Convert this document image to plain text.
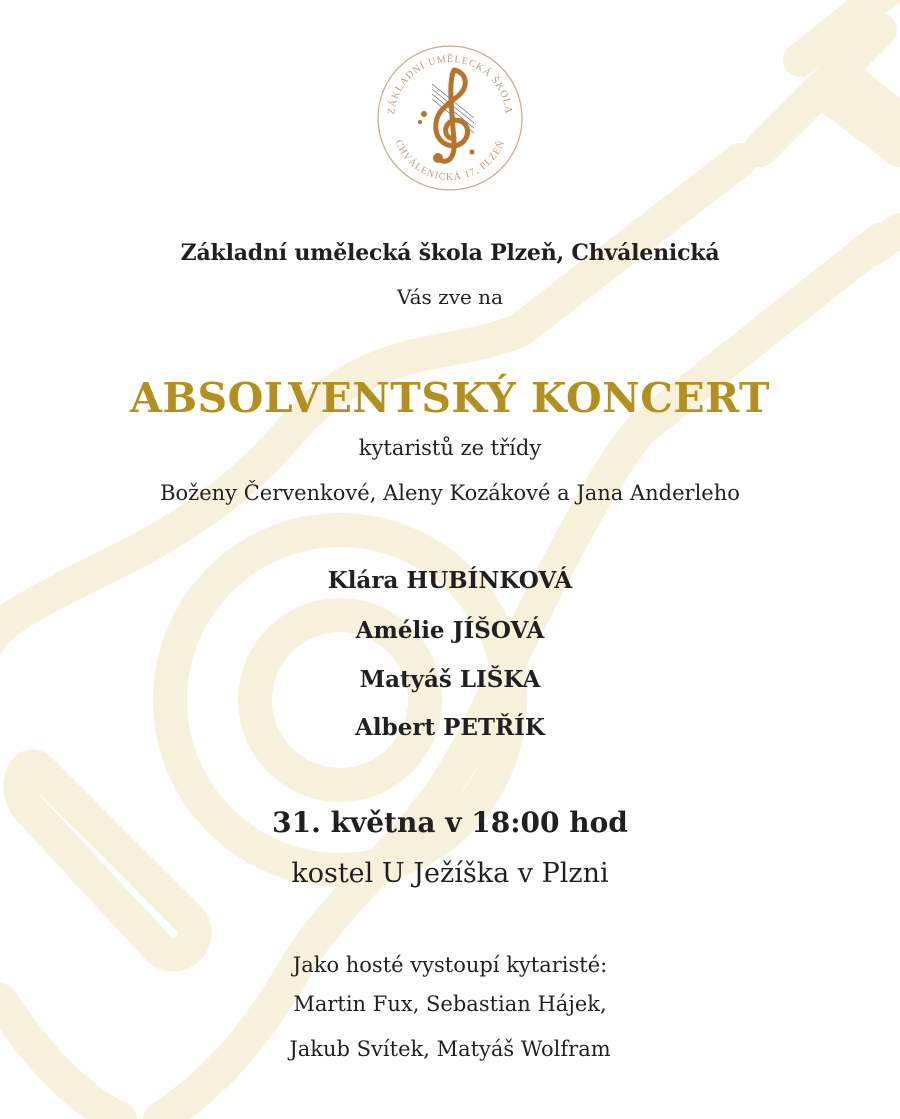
ZÁKLADNÍ UMĚLECKÁ ŠKOLA
CHVÁLENICKÁ 17, PLZEŇ
Základní umělecká škola Plzeň, Chválenická
Vás zve na
ABSOLVENTSKÝ KONCERT
kytaristů ze třídy
Boženy Červenkové, Aleny Kozákové a Jana Anderleho
Klára HUBÍNKOVÁ
Amélie JÍŠOVÁ
Matyáš LIŠKA
Albert PETŘÍK
31. května v 18:00 hod
kostel U Ježíška v Plzni
Jako hosté vystoupí kytaristé:
Martin Fux, Sebastian Hájek,
Jakub Svítek, Matyáš Wolfram
